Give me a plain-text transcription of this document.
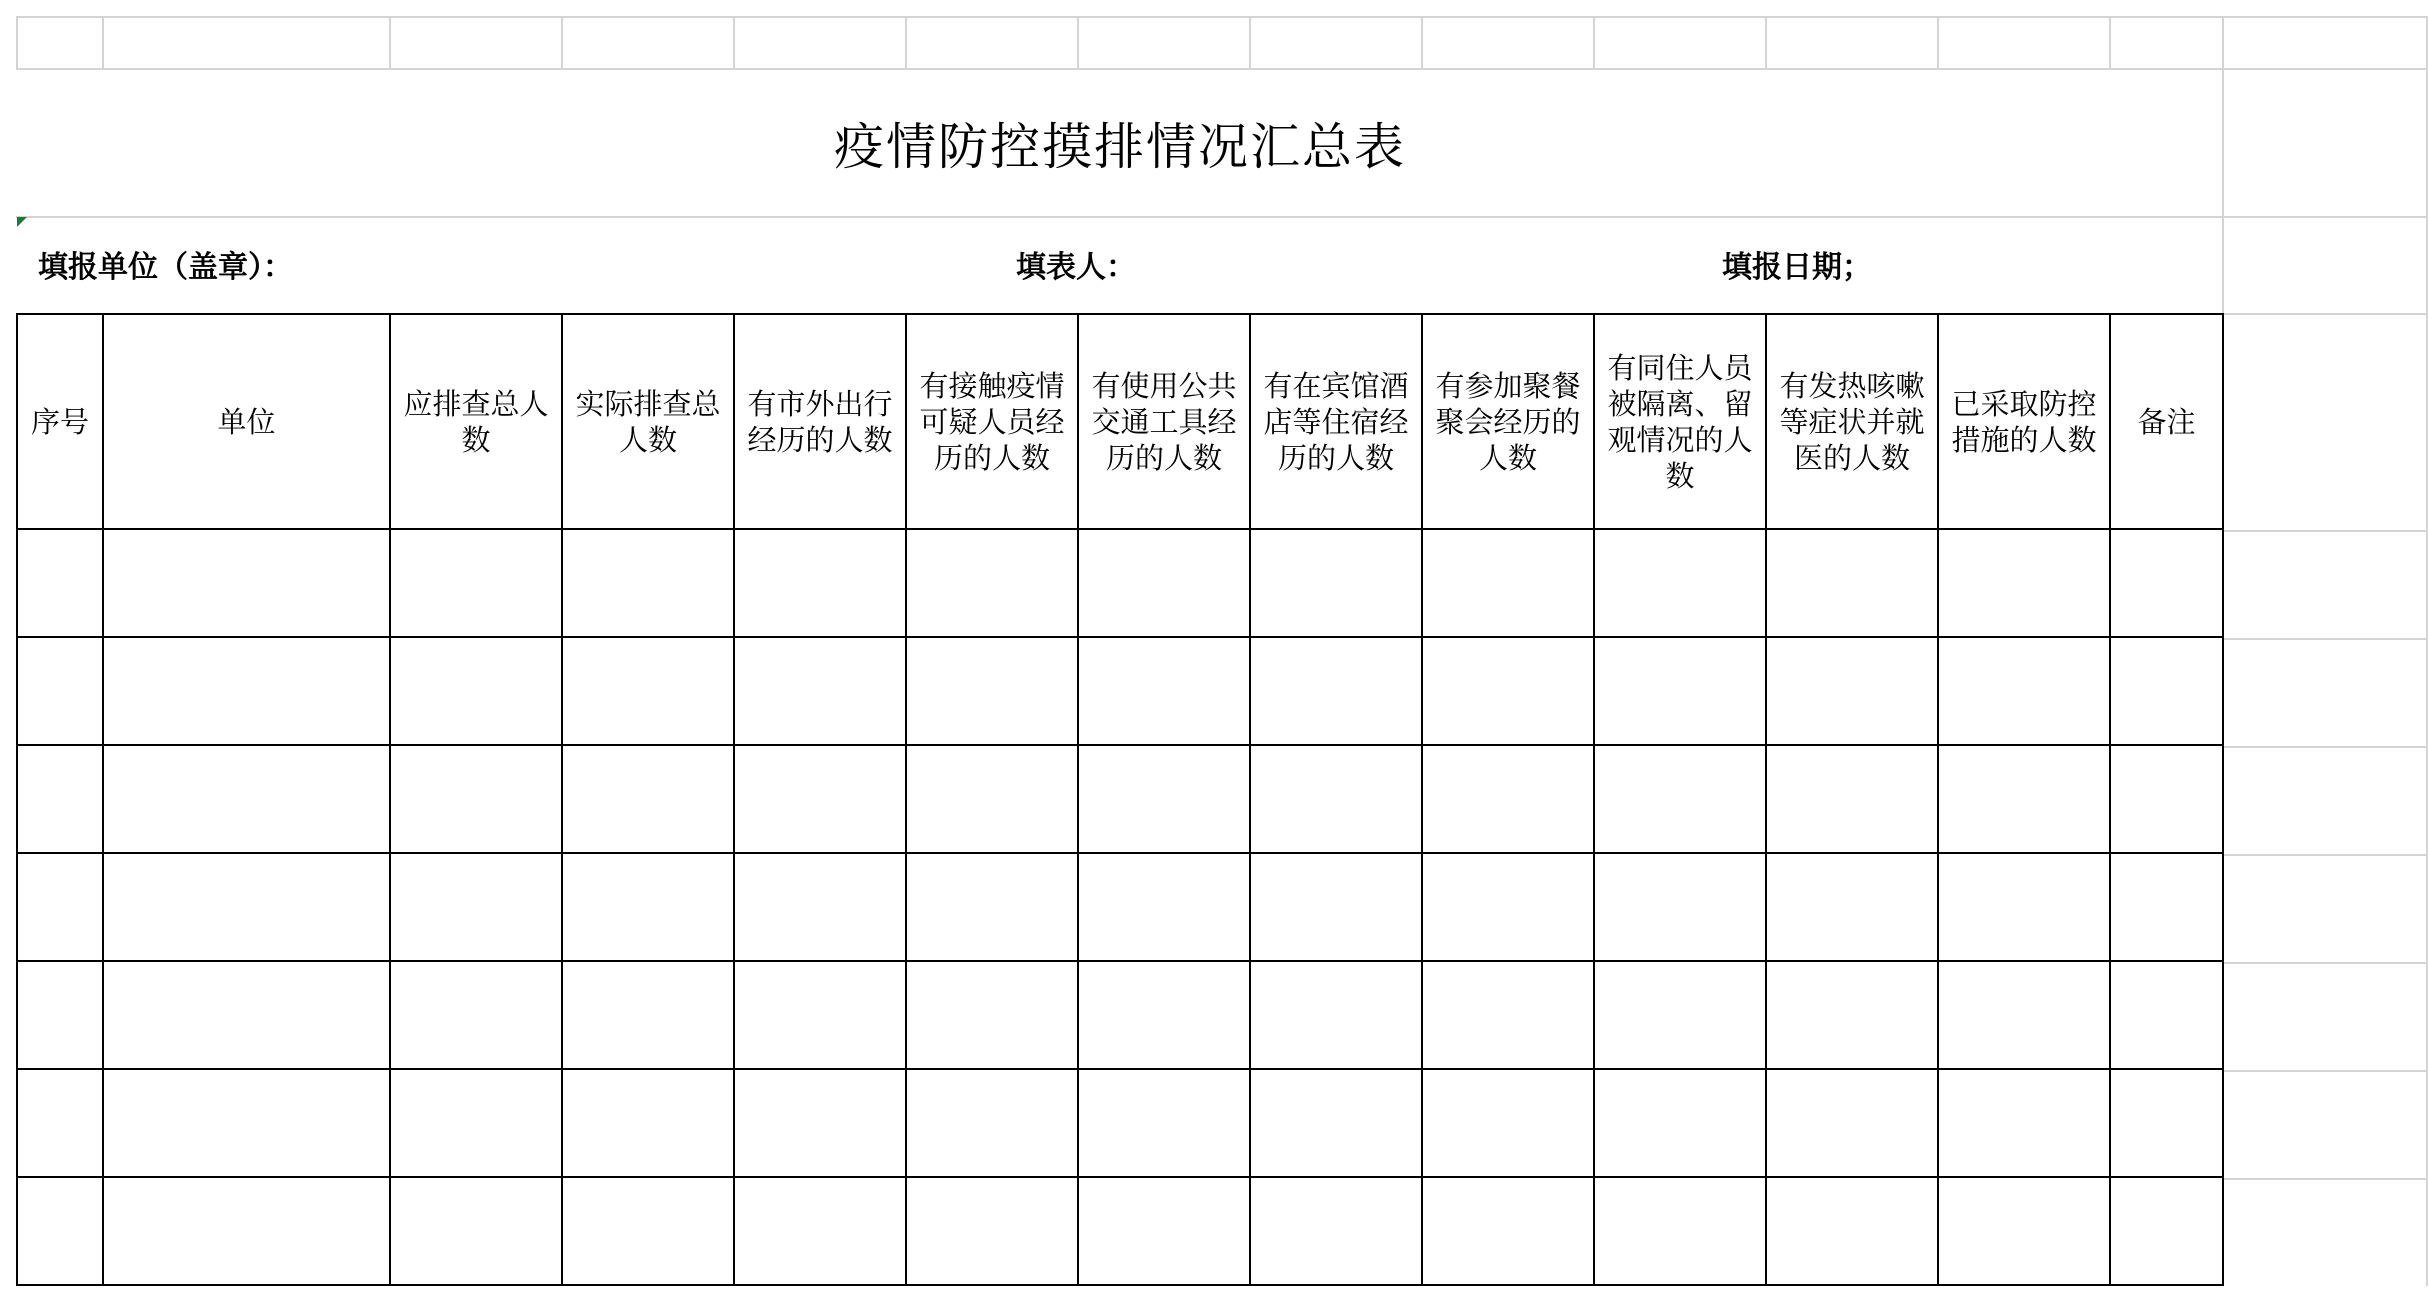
疫情防控摸排情况汇总表
填报单位（盖章）：	填表人：	填报日期；
序号	单位	应排查总人数	实际排查总人数	有市外出行经历的人数	有接触疫情可疑人员经历的人数	有使用公共交通工具经历的人数	有在宾馆酒店等住宿经历的人数	有参加聚餐聚会经历的人数	有同住人员被隔离、留观情况的人数	有发热咳嗽等症状并就医的人数	已采取防控措施的人数	备注
